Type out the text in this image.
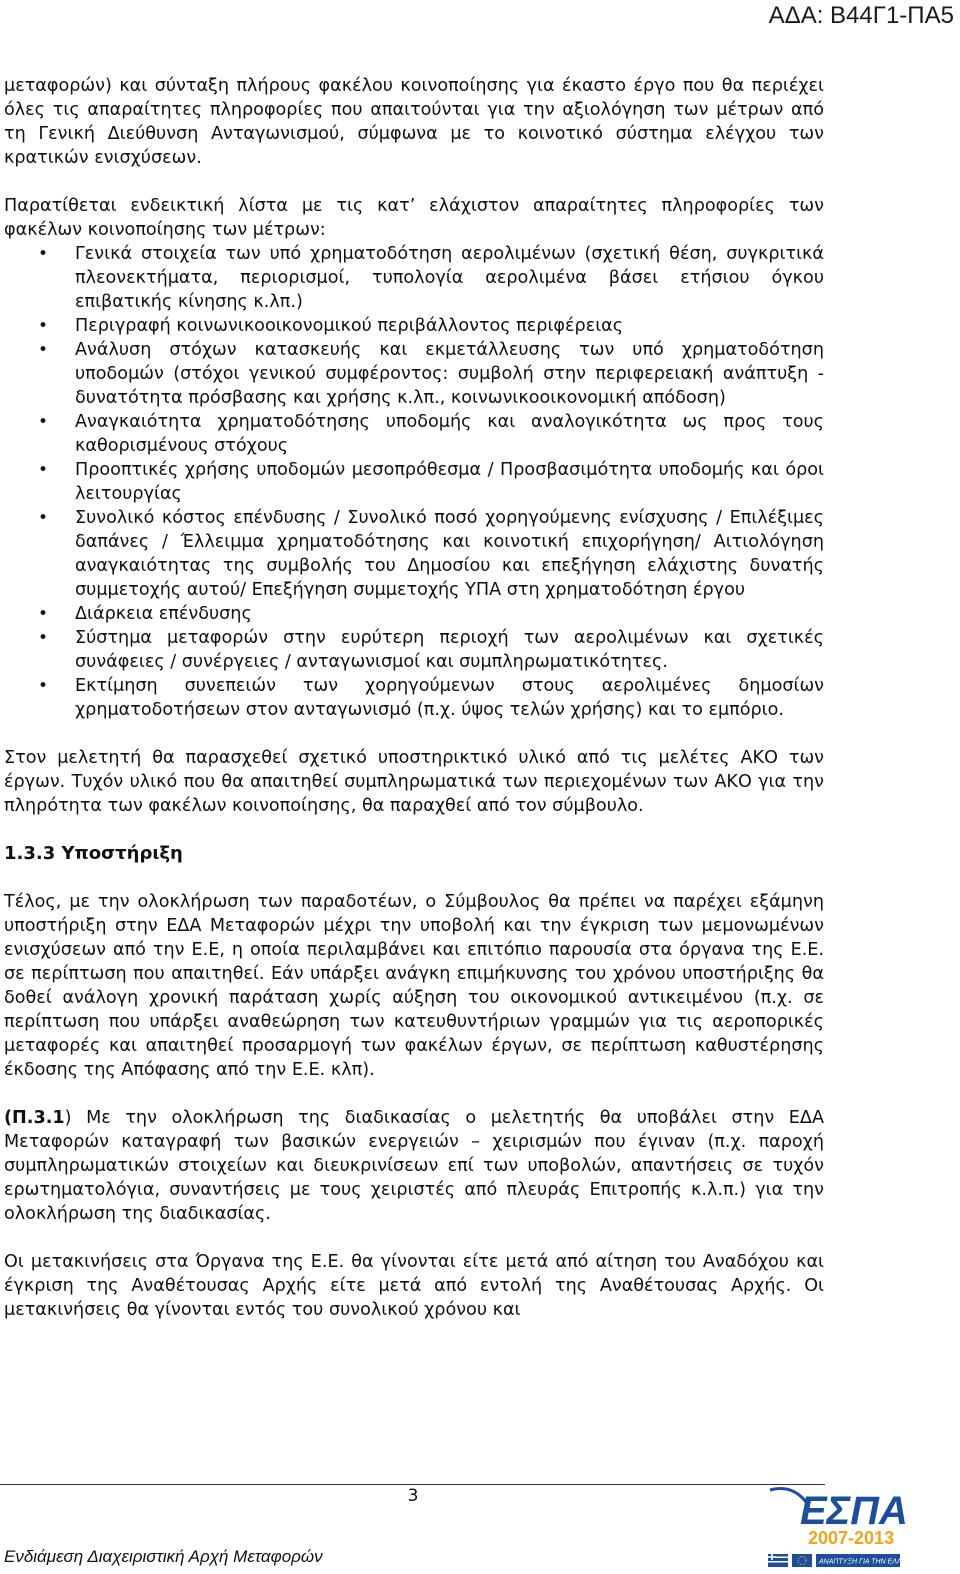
ΑΔΑ: Β44Γ1-ΠΑ5

μεταφορών) και σύνταξη πλήρους φακέλου κοινοποίησης για έκαστο έργο που θα περιέχει όλες τις απαραίτητες πληροφορίες που απαιτούνται για την αξιολόγηση των μέτρων από τη Γενική Διεύθυνση Ανταγωνισμού, σύμφωνα με το κοινοτικό σύστημα ελέγχου των κρατικών ενισχύσεων.

Παρατίθεται ενδεικτική λίστα με τις κατ’ ελάχιστον απαραίτητες πληροφορίες των φακέλων κοινοποίησης των μέτρων:

• Γενικά στοιχεία των υπό χρηματοδότηση αερολιμένων (σχετική θέση, συγκριτικά πλεονεκτήματα, περιορισμοί, τυπολογία αερολιμένα βάσει ετήσιου όγκου επιβατικής κίνησης κ.λπ.)
• Περιγραφή κοινωνικοοικονομικού περιβάλλοντος περιφέρειας
• Ανάλυση στόχων κατασκευής και εκμετάλλευσης των υπό χρηματοδότηση υποδομών (στόχοι γενικού συμφέροντος: συμβολή στην περιφερειακή ανάπτυξη - δυνατότητα πρόσβασης και χρήσης κ.λπ., κοινωνικοοικονομική απόδοση)
• Αναγκαιότητα χρηματοδότησης υποδομής και αναλογικότητα ως προς τους καθορισμένους στόχους
• Προοπτικές χρήσης υποδομών μεσοπρόθεσμα / Προσβασιμότητα υποδομής και όροι λειτουργίας
• Συνολικό κόστος επένδυσης / Συνολικό ποσό χορηγούμενης ενίσχυσης / Επιλέξιμες δαπάνες / Έλλειμμα χρηματοδότησης και κοινοτική επιχορήγηση/ Αιτιολόγηση αναγκαιότητας της συμβολής του Δημοσίου και επεξήγηση ελάχιστης δυνατής συμμετοχής αυτού/ Επεξήγηση συμμετοχής ΥΠΑ στη χρηματοδότηση έργου
• Διάρκεια επένδυσης
• Σύστημα μεταφορών στην ευρύτερη περιοχή των αερολιμένων και σχετικές συνάφειες / συνέργειες / ανταγωνισμοί και συμπληρωματικότητες.
• Εκτίμηση συνεπειών των χορηγούμενων στους αερολιμένες δημοσίων χρηματοδοτήσεων στον ανταγωνισμό (π.χ. ύψος τελών χρήσης) και το εμπόριο.

Στον μελετητή θα παρασχεθεί σχετικό υποστηρικτικό υλικό από τις μελέτες ΑΚΟ των έργων. Τυχόν υλικό που θα απαιτηθεί συμπληρωματικά των περιεχομένων των ΑΚΟ για την πληρότητα των φακέλων κοινοποίησης, θα παραχθεί από τον σύμβουλο.

1.3.3 Υποστήριξη

Τέλος, με την ολοκλήρωση των παραδοτέων, ο Σύμβουλος θα πρέπει να παρέχει εξάμηνη υποστήριξη στην ΕΔΑ Μεταφορών μέχρι την υποβολή και την έγκριση των μεμονωμένων ενισχύσεων από την Ε.Ε, η οποία περιλαμβάνει και επιτόπιο παρουσία στα όργανα της Ε.Ε. σε περίπτωση που απαιτηθεί. Εάν υπάρξει ανάγκη επιμήκυνσης του χρόνου υποστήριξης θα δοθεί ανάλογη χρονική παράταση χωρίς αύξηση του οικονομικού αντικειμένου (π.χ. σε περίπτωση που υπάρξει αναθεώρηση των κατευθυντήριων γραμμών για τις αεροπορικές μεταφορές και απαιτηθεί προσαρμογή των φακέλων έργων, σε περίπτωση καθυστέρησης έκδοσης της Απόφασης από την Ε.Ε. κλπ).

(Π.3.1) Με την ολοκλήρωση της διαδικασίας ο μελετητής θα υποβάλει στην ΕΔΑ Μεταφορών καταγραφή των βασικών ενεργειών – χειρισμών που έγιναν (π.χ. παροχή συμπληρωματικών στοιχείων και διευκρινίσεων επί των υποβολών, απαντήσεις σε τυχόν ερωτηματολόγια, συναντήσεις με τους χειριστές από πλευράς Επιτροπής κ.λ.π.) για την ολοκλήρωση της διαδικασίας.

Οι μετακινήσεις στα Όργανα της Ε.Ε. θα γίνονται είτε μετά από αίτηση του Αναδόχου και έγκριση της Αναθέτουσας Αρχής είτε μετά από εντολή της Αναθέτουσας Αρχής. Οι μετακινήσεις θα γίνονται εντός του συνολικού χρόνου και

3
Ενδιάμεση Διαχειριστική Αρχή Μεταφορών
ΕΣΠΑ
2007-2013
ΑΝΑΠΤΥΞΗ ΓΙΑ ΤΗΝ ΕΛΛΑΔΑ
